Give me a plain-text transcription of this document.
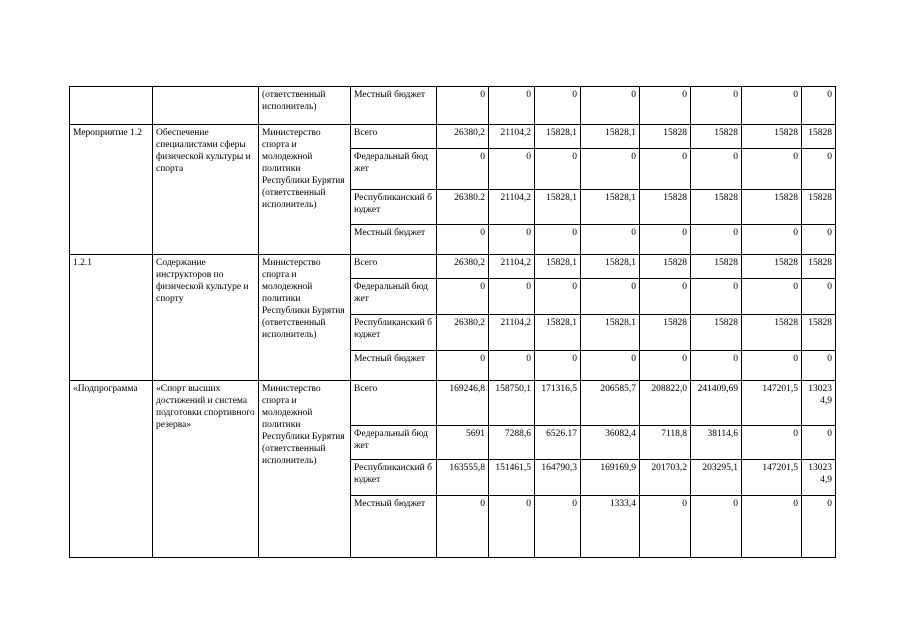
		(ответственный исполнитель)	Местный бюджет	0	0	0	0	0	0	0	0
Мероприятие 1.2	Обеспечение специалистами сферы физической культуры и спорта	Министерство спорта и молодежной политики Республики Бурятия (ответственный исполнитель)	Всего	26380,2	21104,2	15828,1	15828,1	15828	15828	15828	15828
			Федеральный бюджет	0	0	0	0	0	0	0	0
			Республиканский бюджет	26380.2	21104,2	15828,1	15828,1	15828	15828	15828	15828
			Местный бюджет	0	0	0	0	0	0	0	0
1.2.1	Содержание инструкторов по физической культуре и спорту	Министерство спорта и молодежной политики Республики Бурятия (ответственный исполнитель)	Всего	26380,2	21104,2	15828,1	15828,1	15828	15828	15828	15828
			Федеральный бюджет	0	0	0	0	0	0	0	0
			Республиканский бюджет	26380,2	21104,2	15828,1	15828,1	15828	15828	15828	15828
			Местный бюджет	0	0	0	0	0	0	0	0
«Подпрограмма	«Спорт высших достижений и система подготовки спортивного резерва»	Министерство спорта и молодежной политики Республики Бурятия (ответственный исполнитель)	Всего	169246,8	158750,1	171316,5	206585,7	208822,0	241409,69	147201,5	130234,9
			Федеральный бюджет	5691	7288,6	6526.17	36082,4	7118,8	38114,6	0	0
			Республиканский бюджет	163555,8	151461,5	164790,3	169169,9	201703,2	203295,1	147201,5	130234,9
			Местный бюджет	0	0	0	1333,4	0	0	0	0
